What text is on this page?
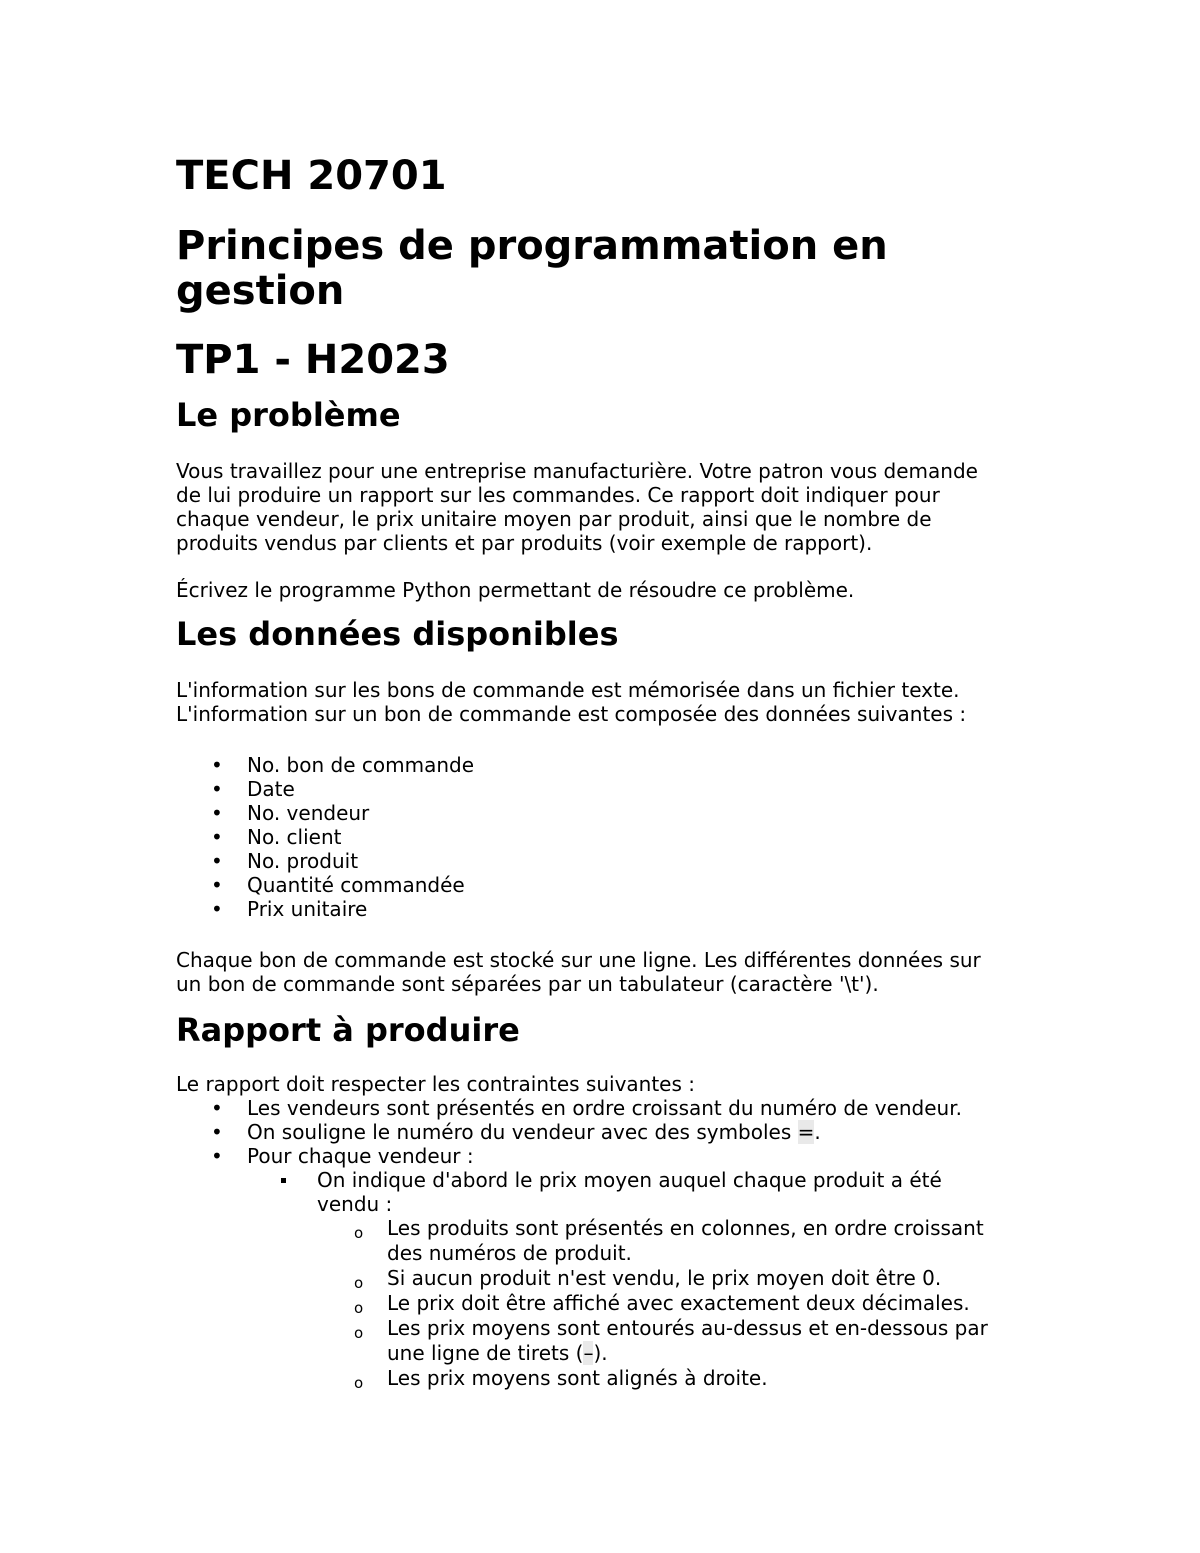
TECH 20701
Principes de programmation en
gestion
TP1 - H2023
Le problème

Vous travaillez pour une entreprise manufacturière. Votre patron vous demande
de lui produire un rapport sur les commandes. Ce rapport doit indiquer pour
chaque vendeur, le prix unitaire moyen par produit, ainsi que le nombre de
produits vendus par clients et par produits (voir exemple de rapport).

Écrivez le programme Python permettant de résoudre ce problème.

Les données disponibles

L'information sur les bons de commande est mémorisée dans un fichier texte.
L'information sur un bon de commande est composée des données suivantes :

• No. bon de commande
• Date
• No. vendeur
• No. client
• No. produit
• Quantité commandée
• Prix unitaire

Chaque bon de commande est stocké sur une ligne. Les différentes données sur
un bon de commande sont séparées par un tabulateur (caractère '\t').

Rapport à produire

Le rapport doit respecter les contraintes suivantes :

• Les vendeurs sont présentés en ordre croissant du numéro de vendeur.
• On souligne le numéro du vendeur avec des symboles =.
• Pour chaque vendeur :
On indique d'abord le prix moyen auquel chaque produit a été
vendu :
o Les produits sont présentés en colonnes, en ordre croissant
des numéros de produit.
o Si aucun produit n'est vendu, le prix moyen doit être 0.
o Le prix doit être affiché avec exactement deux décimales.
o Les prix moyens sont entourés au-dessus et en-dessous par
une ligne de tirets (–).
o Les prix moyens sont alignés à droite.
